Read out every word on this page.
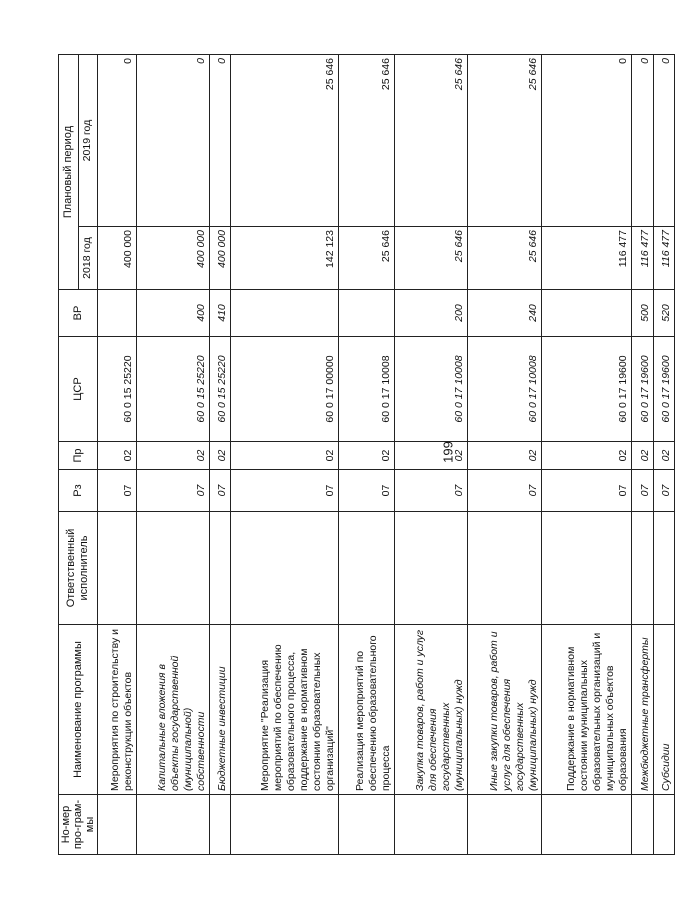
199
Но-мер про-грам-мы	Наименование программы	Ответственный исполнитель	Рз	Пр	ЦСР	ВР	Плановый период	
							2018 год	2019 год
	Мероприятия по строительству и реконструкции объектов		07	02	60 0 15 25220		400 000	0
	Капитальные вложения в объекты государственной (муниципальной) собственности		07	02	60 0 15 25220	400	400 000	0
	Бюджетные инвестиции		07	02	60 0 15 25220	410	400 000	0
	Мероприятие "Реализация мероприятий по обеспечению образовательного процесса, поддержание в нормативном состоянии образовательных организаций"		07	02	60 0 17 00000		142 123	25 646
	Реализация мероприятий по обеспечению образовательного процесса		07	02	60 0 17 10008		25 646	25 646
	Закупка товаров, работ и услуг для обеспечения государственных (муниципальных) нужд		07	02	60 0 17 10008	200	25 646	25 646
	Иные закупки товаров, работ и услуг для обеспечения государственных (муниципальных) нужд		07	02	60 0 17 10008	240	25 646	25 646
	Поддержание в нормативном состоянии муниципальных образовательных организаций и муниципальных объектов образования		07	02	60 0 17 19600		116 477	0
	Межбюджетные трансферты		07	02	60 0 17 19600	500	116 477	0
	Субсидии		07	02	60 0 17 19600	520	116 477	0
